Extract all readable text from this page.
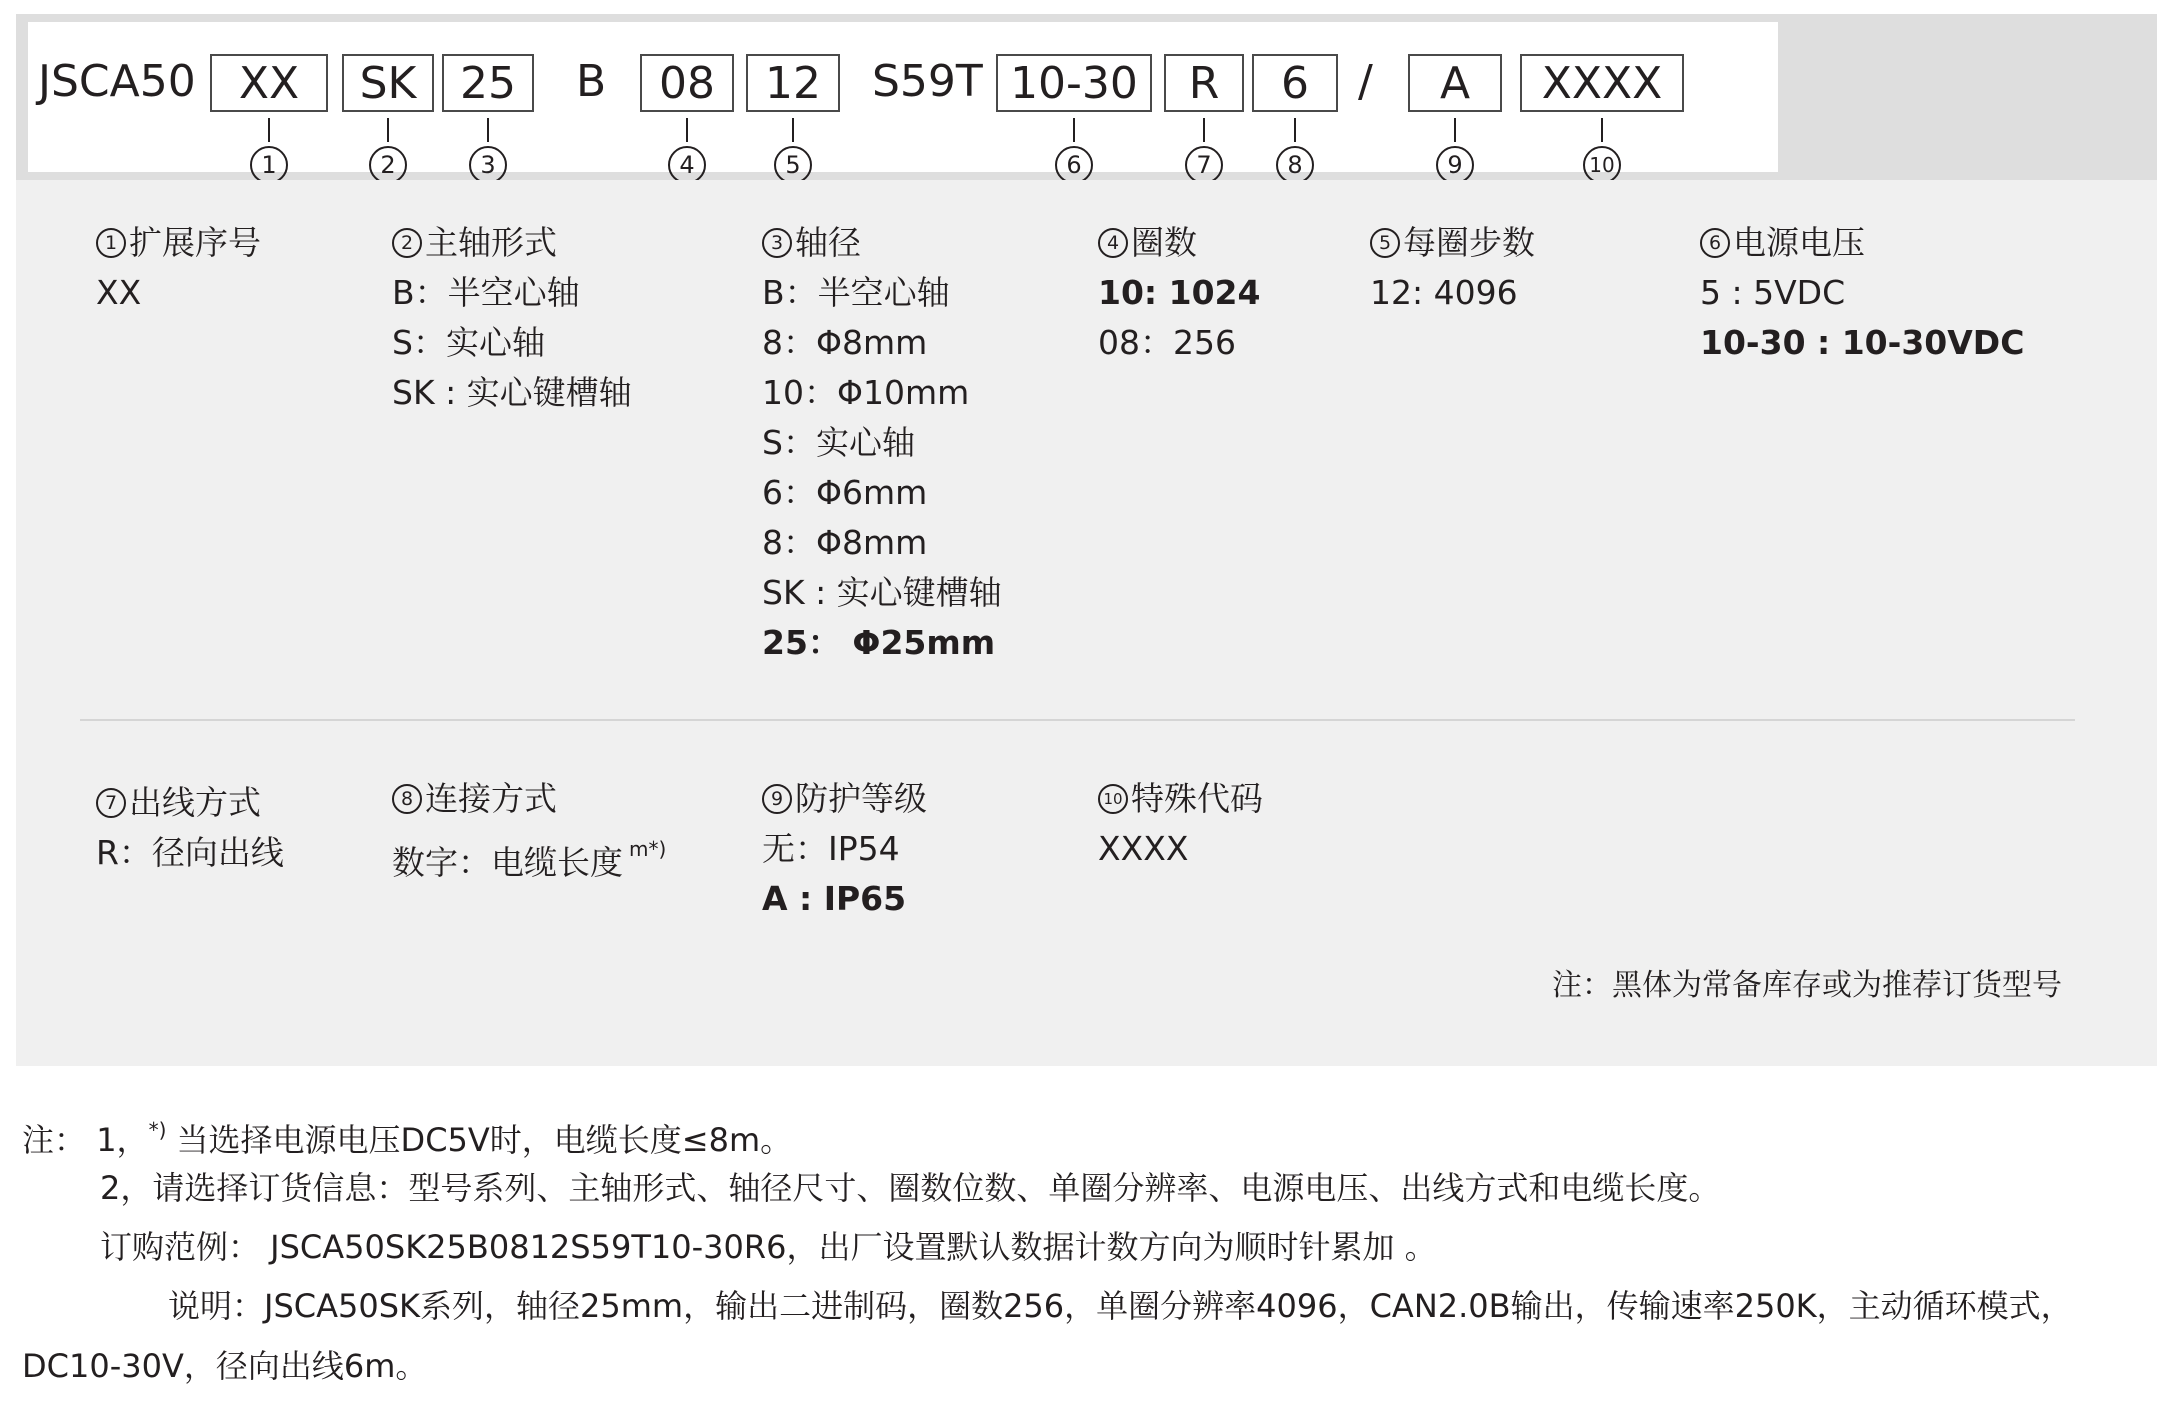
JSCA50 XX	SK 25	B	08	12	S59T 10-30	R	6	/	A	XXXX
1	2	3	4	5	6	7	8	9	10
1 扩展序号
XX
2 主轴形式
B：半空心轴
S：实心轴
SK : 实心键槽轴
3 轴径
B：半空心轴
8：Φ8mm
10：Φ10mm
S：实心轴
6：Φ6mm
8：Φ8mm
SK : 实心键槽轴
25： Φ25mm
4 圈数
10: 1024
08：256
5 每圈步数
12: 4096
6 电源电压
5 : 5VDC
10-30 : 10-30VDC
7 出线方式
R：径向出线
8 连接方式
数字：电缆长度 $^{m*)}$
9 防护等级
无：IP54
A : IP65
10 特殊代码
XXXX
注：黑体为常备库存或为推荐订货型号
注： 1，*) 当选择电源电压DC5V时，电缆长度≤8m。
2，请选择订货信息：型号系列、主轴形式、轴径尺寸、圈数位数、单圈分辨率、电源电压、出线方式和电缆长度。
订购范例： JSCA50SK25B0812S59T10-30R6，出厂设置默认数据计数方向为顺时针累加 。
说明：JSCA50SK系列，轴径25mm，输出二进制码，圈数256，单圈分辨率4096，CAN2.0B输出，传输速率250K，主动循环模式，
DC10-30V，径向出线6m。
